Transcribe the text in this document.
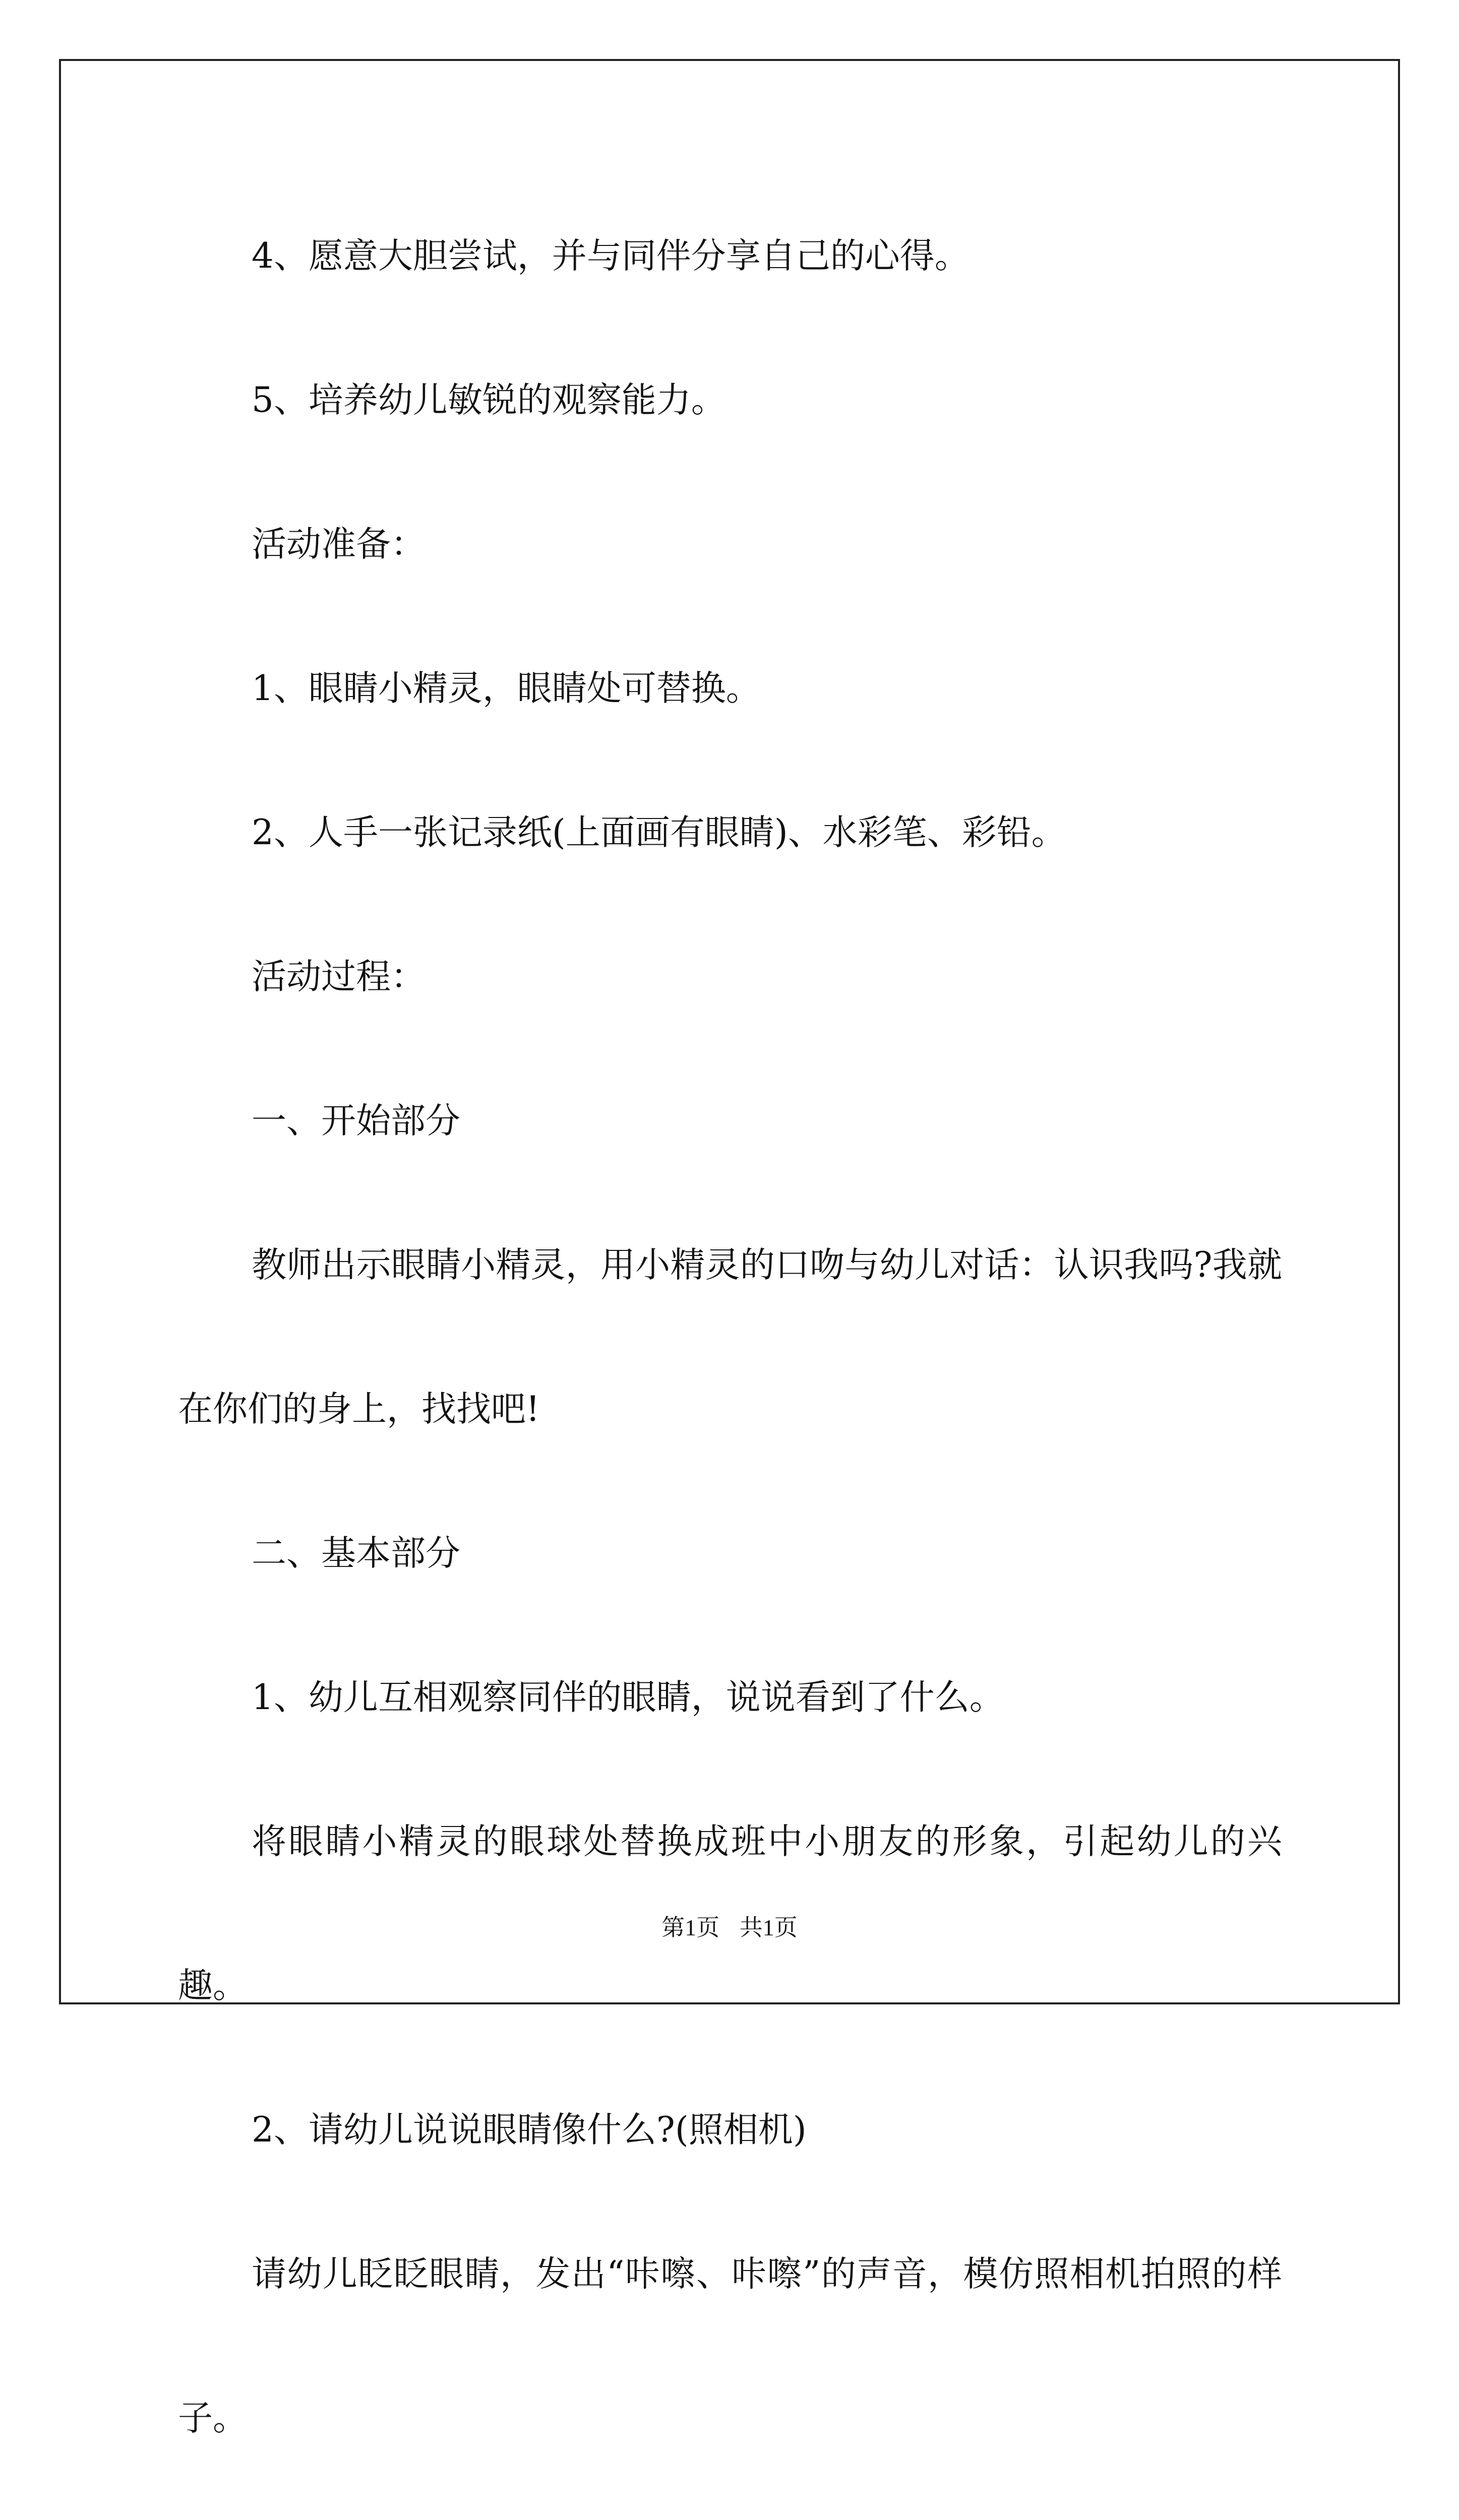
4、愿意大胆尝试，并与同伴分享自己的心得。

5、培养幼儿敏锐的观察能力。

活动准备：

1、眼睛小精灵，眼睛处可替换。

2、人手一张记录纸(上面画有眼睛)、水彩笔、彩铅。

活动过程：

一、开始部分

教师出示眼睛小精灵，用小精灵的口吻与幼儿对话：认识我吗?我就在你们的身上，找找吧!

二、基本部分

1、幼儿互相观察同伴的眼睛，说说看到了什么。

将眼睛小精灵的眼球处替换成班中小朋友的形象，引起幼儿的兴趣。

2、请幼儿说说眼睛像什么?(照相机)

请幼儿眨眨眼睛，发出“咔嚓、咔嚓”的声音，模仿照相机拍照的样子。

第1页 共1页
